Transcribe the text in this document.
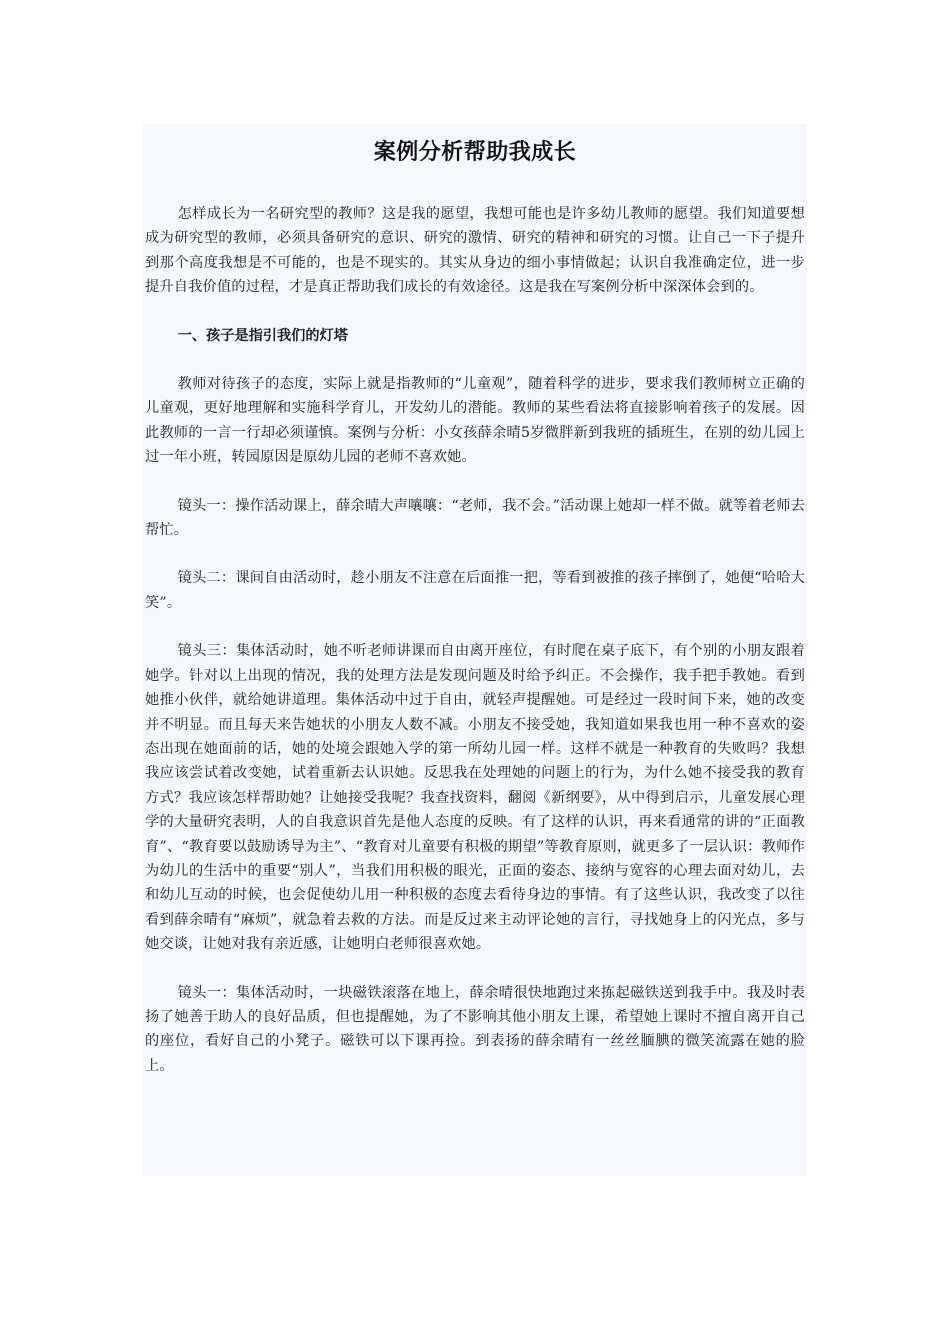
案例分析帮助我成长

怎样成长为一名研究型的教师？这是我的愿望，我想可能也是许多幼儿教师的愿望。我们知道要想成为研究型的教师，必须具备研究的意识、研究的激情、研究的精神和研究的习惯。让自己一下子提升到那个高度我想是不可能的，也是不现实的。其实从身边的细小事情做起；认识自我准确定位，进一步提升自我价值的过程，才是真正帮助我们成长的有效途径。这是我在写案例分析中深深体会到的。

一、孩子是指引我们的灯塔

教师对待孩子的态度，实际上就是指教师的“儿童观”，随着科学的进步，要求我们教师树立正确的儿童观，更好地理解和实施科学育儿，开发幼儿的潜能。教师的某些看法将直接影响着孩子的发展。因此教师的一言一行却必须谨慎。案例与分析：小女孩薛余晴5岁微胖新到我班的插班生，在别的幼儿园上过一年小班，转园原因是原幼儿园的老师不喜欢她。

镜头一：操作活动课上，薛余晴大声嚷嚷：“老师，我不会。”活动课上她却一样不做。就等着老师去帮忙。

镜头二：课间自由活动时，趁小朋友不注意在后面推一把，等看到被推的孩子摔倒了，她便“哈哈大笑”。

镜头三：集体活动时，她不听老师讲课而自由离开座位，有时爬在桌子底下，有个别的小朋友跟着她学。针对以上出现的情况，我的处理方法是发现问题及时给予纠正。不会操作，我手把手教她。看到她推小伙伴，就给她讲道理。集体活动中过于自由，就轻声提醒她。可是经过一段时间下来，她的改变并不明显。而且每天来告她状的小朋友人数不减。小朋友不接受她，我知道如果我也用一种不喜欢的姿态出现在她面前的话，她的处境会跟她入学的第一所幼儿园一样。这样不就是一种教育的失败吗？我想我应该尝试着改变她，试着重新去认识她。反思我在处理她的问题上的行为，为什么她不接受我的教育方式？我应该怎样帮助她？让她接受我呢？我查找资料，翻阅《新纲要》，从中得到启示，儿童发展心理学的大量研究表明，人的自我意识首先是他人态度的反映。有了这样的认识，再来看通常的讲的“正面教育”、“教育要以鼓励诱导为主”、“教育对儿童要有积极的期望”等教育原则，就更多了一层认识：教师作为幼儿的生活中的重要“别人”，当我们用积极的眼光，正面的姿态、接纳与宽容的心理去面对幼儿，去和幼儿互动的时候，也会促使幼儿用一种积极的态度去看待身边的事情。有了这些认识，我改变了以往看到薛余晴有“麻烦”，就急着去救的方法。而是反过来主动评论她的言行，寻找她身上的闪光点，多与她交谈，让她对我有亲近感，让她明白老师很喜欢她。

镜头一：集体活动时，一块磁铁滚落在地上，薛余晴很快地跑过来拣起磁铁送到我手中。我及时表扬了她善于助人的良好品质，但也提醒她，为了不影响其他小朋友上课，希望她上课时不擅自离开自己的座位，看好自己的小凳子。磁铁可以下课再捡。到表扬的薛余晴有一丝丝腼腆的微笑流露在她的脸上。
